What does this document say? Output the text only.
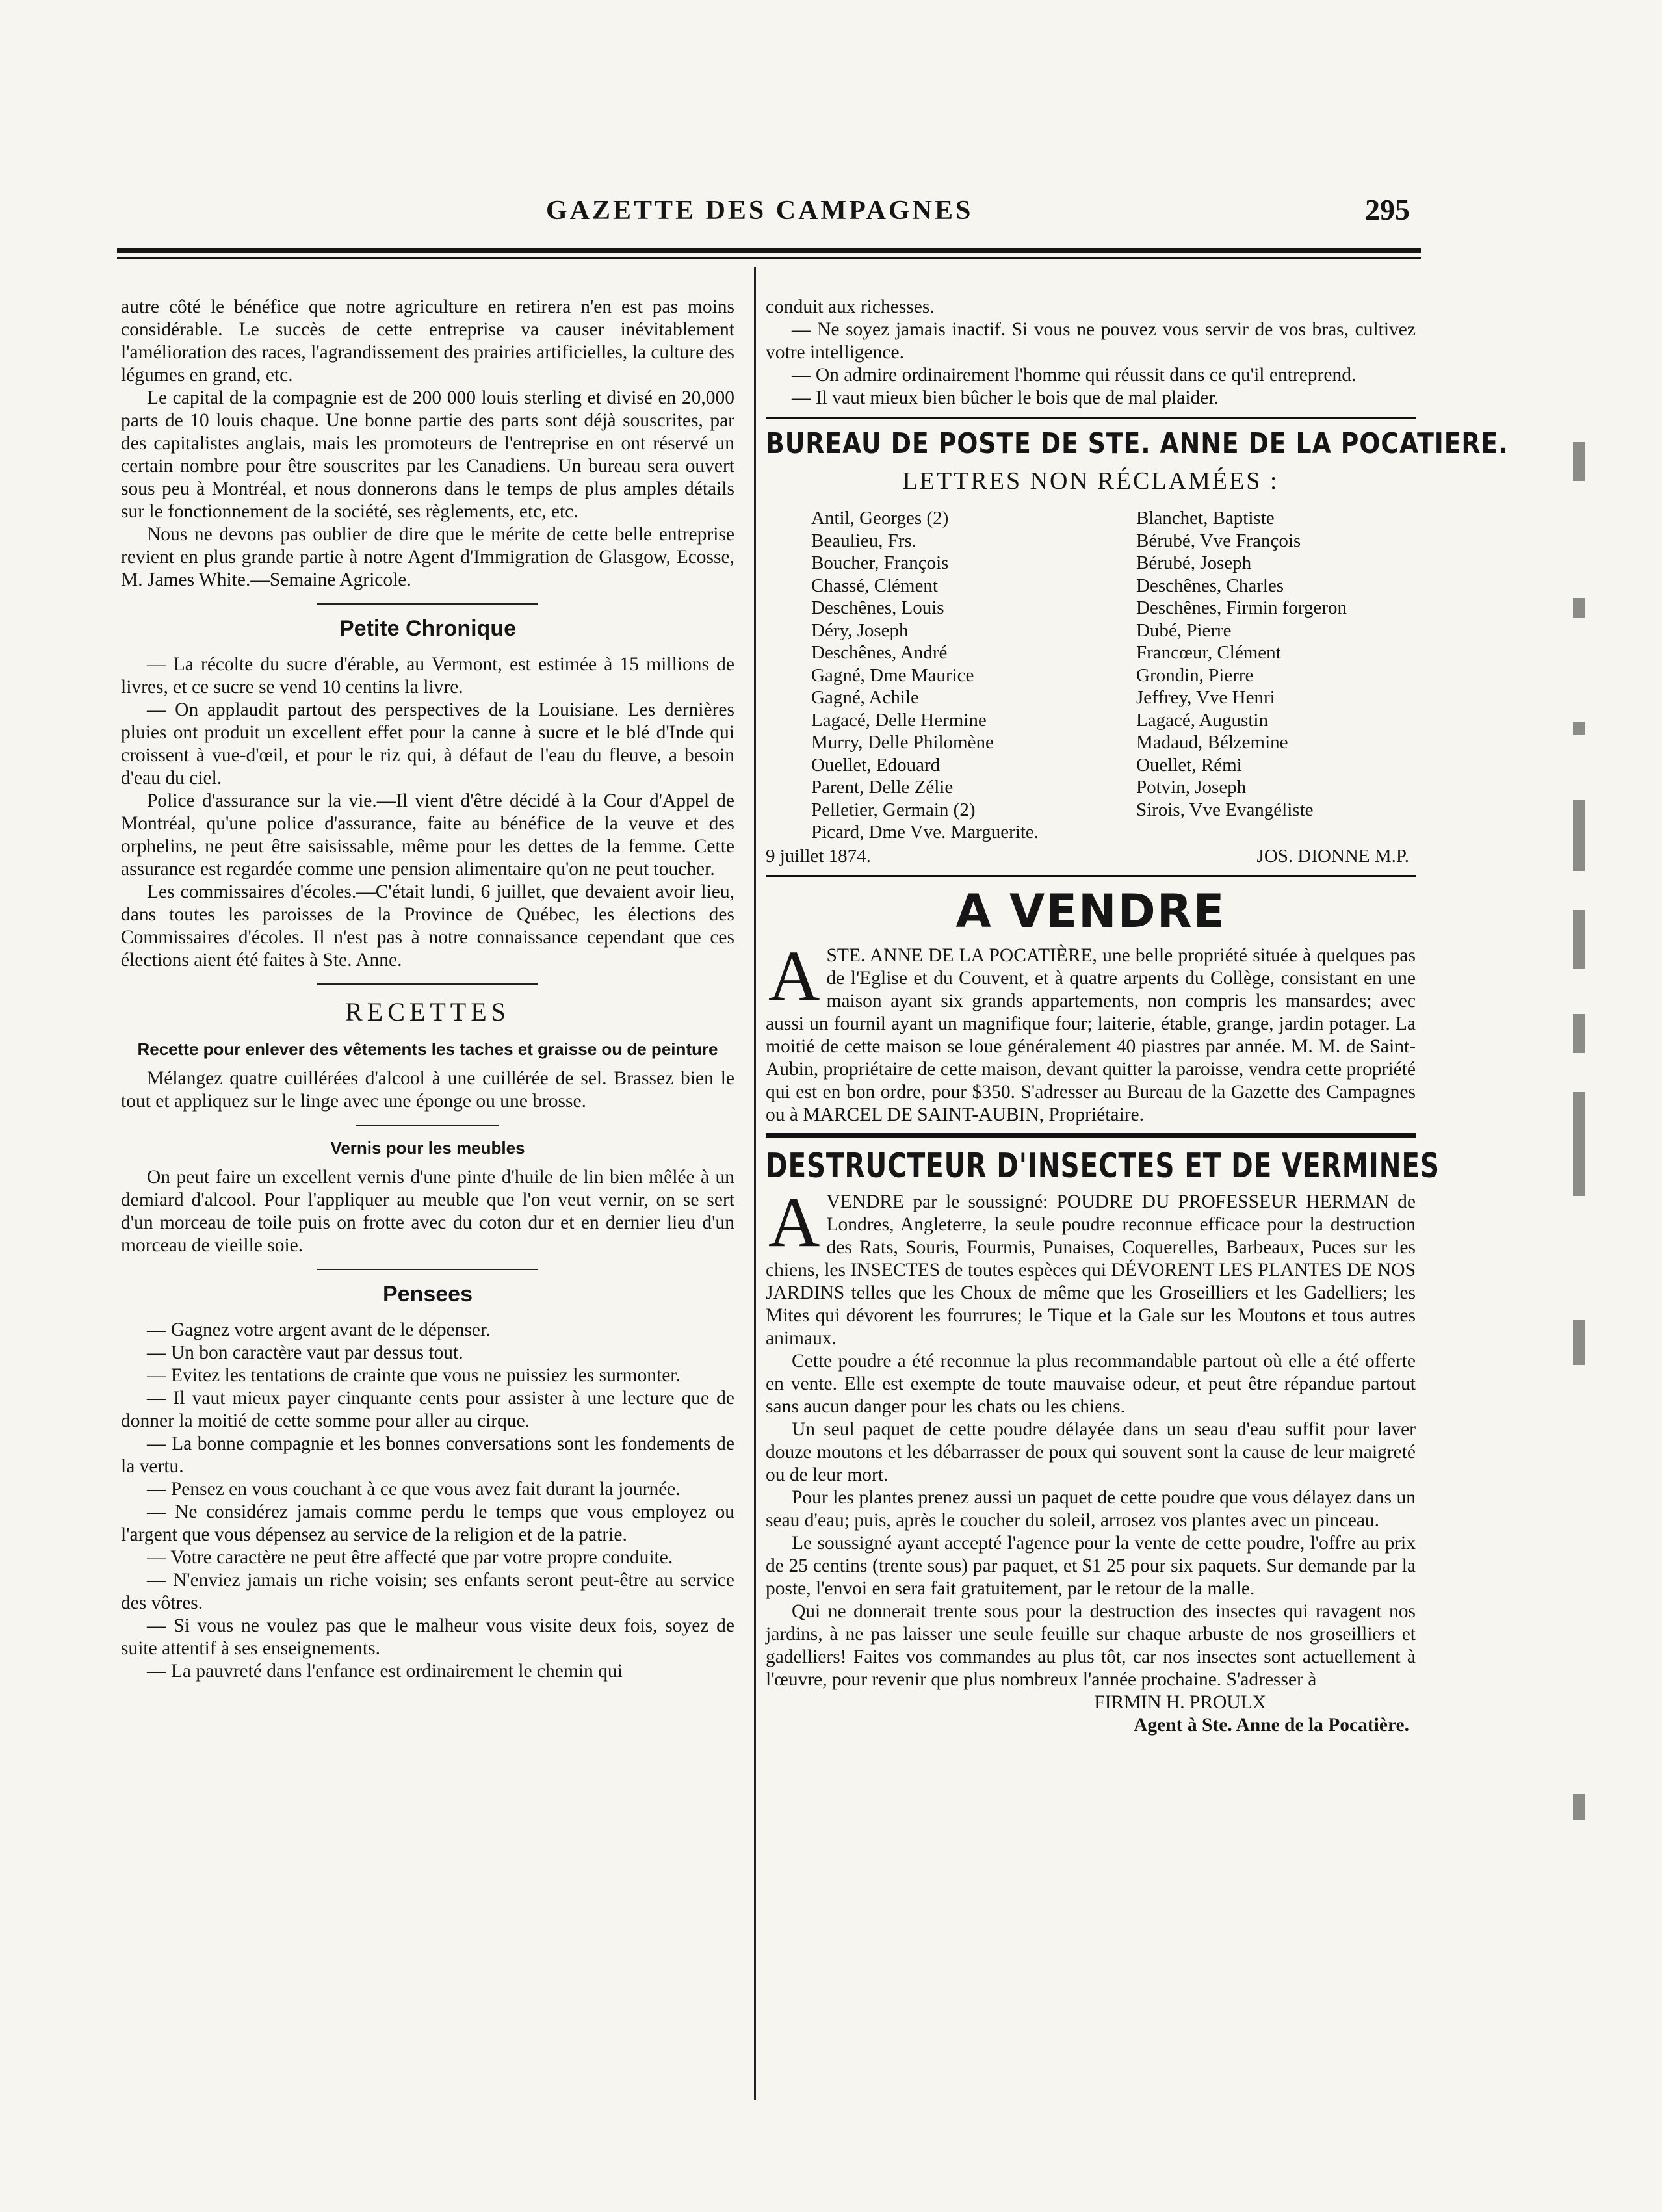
GAZETTE DES CAMPAGNES	295

autre côté le bénéfice que notre agriculture en retirera n'en est pas moins considérable. Le succès de cette entreprise va causer inévitablement l'amélioration des races, l'agrandissement des prairies artificielles, la culture des légumes en grand, etc.

Le capital de la compagnie est de 200 000 louis sterling et divisé en 20,000 parts de 10 louis chaque. Une bonne partie des parts sont déjà souscrites, par des capitalistes anglais, mais les promoteurs de l'entreprise en ont réservé un certain nombre pour être souscrites par les Canadiens. Un bureau sera ouvert sous peu à Montréal, et nous donnerons dans le temps de plus amples détails sur le fonctionnement de la société, ses règlements, etc, etc.

Nous ne devons pas oublier de dire que le mérite de cette belle entreprise revient en plus grande partie à notre Agent d'Immigration de Glasgow, Ecosse, M. James White.—Semaine Agricole.

Petite Chronique

— La récolte du sucre d'érable, au Vermont, est estimée à 15 millions de livres, et ce sucre se vend 10 centins la livre.

— On applaudit partout des perspectives de la Louisiane. Les dernières pluies ont produit un excellent effet pour la canne à sucre et le blé d'Inde qui croissent à vue-d'œil, et pour le riz qui, à défaut de l'eau du fleuve, a besoin d'eau du ciel.

Police d'assurance sur la vie.—Il vient d'être décidé à la Cour d'Appel de Montréal, qu'une police d'assurance, faite au bénéfice de la veuve et des orphelins, ne peut être saisissable, même pour les dettes de la femme. Cette assurance est regardée comme une pension alimentaire qu'on ne peut toucher.

Les commissaires d'écoles.—C'était lundi, 6 juillet, que devaient avoir lieu, dans toutes les paroisses de la Province de Québec, les élections des Commissaires d'écoles. Il n'est pas à notre connaissance cependant que ces élections aient été faites à Ste. Anne.

RECETTES
Recette pour enlever des vêtements les taches et graisse ou de peinture

Mélangez quatre cuillérées d'alcool à une cuillérée de sel. Brassez bien le tout et appliquez sur le linge avec une éponge ou une brosse.

Vernis pour les meubles

On peut faire un excellent vernis d'une pinte d'huile de lin bien mêlée à un demiard d'alcool. Pour l'appliquer au meuble que l'on veut vernir, on se sert d'un morceau de toile puis on frotte avec du coton dur et en dernier lieu d'un morceau de vieille soie.

Pensees

— Gagnez votre argent avant de le dépenser.

— Un bon caractère vaut par dessus tout.

— Evitez les tentations de crainte que vous ne puissiez les surmonter.

— Il vaut mieux payer cinquante cents pour assister à une lecture que de donner la moitié de cette somme pour aller au cirque.

— La bonne compagnie et les bonnes conversations sont les fondements de la vertu.

— Pensez en vous couchant à ce que vous avez fait durant la journée.

— Ne considérez jamais comme perdu le temps que vous employez ou l'argent que vous dépensez au service de la religion et de la patrie.

— Votre caractère ne peut être affecté que par votre propre conduite.

— N'enviez jamais un riche voisin; ses enfants seront peut-être au service des vôtres.

— Si vous ne voulez pas que le malheur vous visite deux fois, soyez de suite attentif à ses enseignements.

— La pauvreté dans l'enfance est ordinairement le chemin qui

conduit aux richesses.

— Ne soyez jamais inactif. Si vous ne pouvez vous servir de vos bras, cultivez votre intelligence.

— On admire ordinairement l'homme qui réussit dans ce qu'il entreprend.

— Il vaut mieux bien bûcher le bois que de mal plaider.

BUREAU DE POSTE DE STE. ANNE DE LA POCATIERE.
LETTRES NON RÉCLAMÉES :
Antil, Georges (2)	Blanchet, Baptiste
Beaulieu, Frs.	Bérubé, Vve François
Boucher, François	Bérubé, Joseph
Chassé, Clément	Deschênes, Charles
Deschênes, Louis	Deschênes, Firmin forgeron
Déry, Joseph	Dubé, Pierre
Deschênes, André	Francœur, Clément
Gagné, Dme Maurice	Grondin, Pierre
Gagné, Achile	Jeffrey, Vve Henri
Lagacé, Delle Hermine	Lagacé, Augustin
Murry, Delle Philomène	Madaud, Bélzemine
Ouellet, Edouard	Ouellet, Rémi
Parent, Delle Zélie	Potvin, Joseph
Pelletier, Germain (2)	Sirois, Vve Evangéliste
Picard, Dme Vve. Marguerite.
9 juillet 1874.	JOS. DIONNE M.P.
A VENDRE
A STE. ANNE DE LA POCATIÈRE, une belle propriété située à quelques pas de l'Eglise et du Couvent, et à quatre arpents du Collège, consistant en une maison ayant six grands appartements, non compris les mansardes; avec aussi un fournil ayant un magnifique four; laiterie, étable, grange, jardin potager. La moitié de cette maison se loue généralement 40 piastres par année. M. M. de Saint-Aubin, propriétaire de cette maison, devant quitter la paroisse, vendra cette propriété qui est en bon ordre, pour $350. S'adresser au Bureau de la Gazette des Campagnes ou à MARCEL DE SAINT-AUBIN, Propriétaire.

DESTRUCTEUR D'INSECTES ET DE VERMINES
A VENDRE par le soussigné: POUDRE DU PROFESSEUR HERMAN de Londres, Angleterre, la seule poudre reconnue efficace pour la destruction des Rats, Souris, Fourmis, Punaises, Coquerelles, Barbeaux, Puces sur les chiens, les INSECTES de toutes espèces qui DÉVORENT LES PLANTES DE NOS JARDINS telles que les Choux de même que les Groseilliers et les Gadelliers; les Mites qui dévorent les fourrures; le Tique et la Gale sur les Moutons et tous autres animaux.

Cette poudre a été reconnue la plus recommandable partout où elle a été offerte en vente. Elle est exempte de toute mauvaise odeur, et peut être répandue partout sans aucun danger pour les chats ou les chiens.

Un seul paquet de cette poudre délayée dans un seau d'eau suffit pour laver douze moutons et les débarrasser de poux qui souvent sont la cause de leur maigreté ou de leur mort.

Pour les plantes prenez aussi un paquet de cette poudre que vous délayez dans un seau d'eau; puis, après le coucher du soleil, arrosez vos plantes avec un pinceau.

Le soussigné ayant accepté l'agence pour la vente de cette poudre, l'offre au prix de 25 centins (trente sous) par paquet, et $1 25 pour six paquets. Sur demande par la poste, l'envoi en sera fait gratuitement, par le retour de la malle.

Qui ne donnerait trente sous pour la destruction des insectes qui ravagent nos jardins, à ne pas laisser une seule feuille sur chaque arbuste de nos groseilliers et gadelliers! Faites vos commandes au plus tôt, car nos insectes sont actuellement à l'œuvre, pour revenir que plus nombreux l'année prochaine. S'adresser à

FIRMIN H. PROULX
Agent à Ste. Anne de la Pocatière.
